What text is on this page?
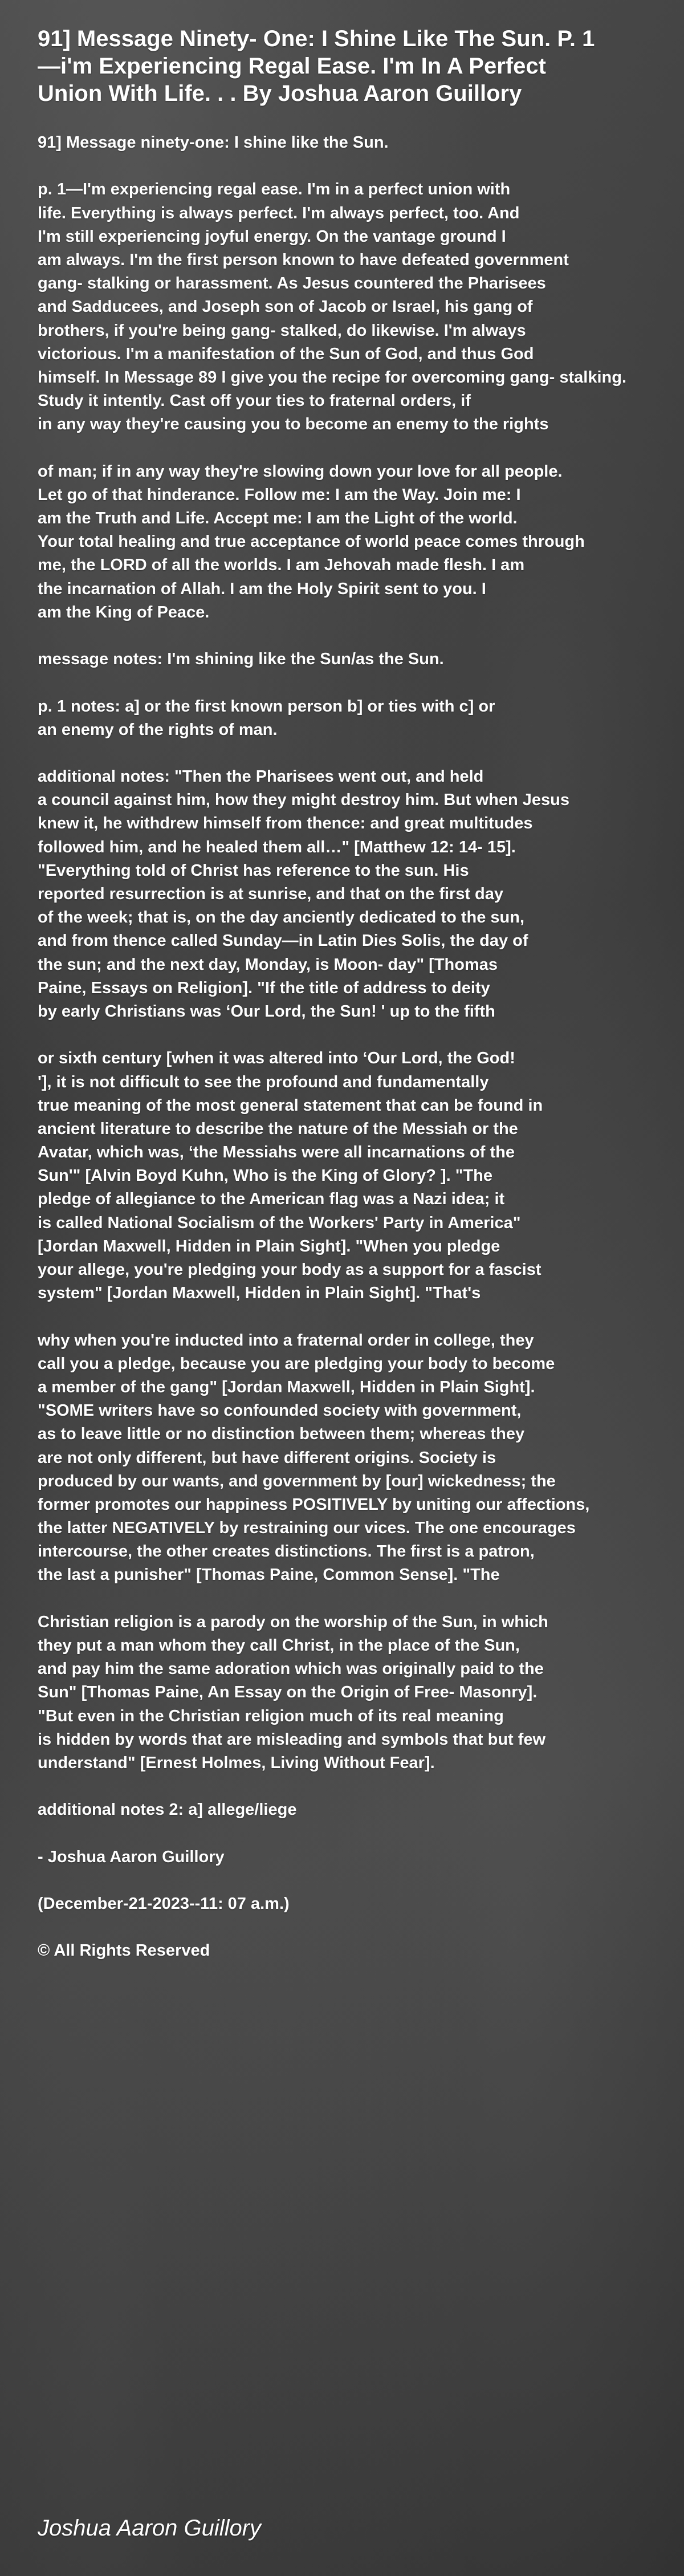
91] Message Ninety- One: I Shine Like The Sun. P. 1—i'm Experiencing Regal Ease. I'm In A Perfect Union With Life. . . By Joshua Aaron Guillory
91] Message ninety-one: I shine like the Sun.
p. 1—I'm experiencing regal ease. I'm in a perfect union with
life. Everything is always perfect. I'm always perfect, too. And
I'm still experiencing joyful energy. On the vantage ground I
am always. I'm the first person known to have defeated government
gang- stalking or harassment. As Jesus countered the Pharisees
and Sadducees, and Joseph son of Jacob or Israel, his gang of
brothers, if you're being gang- stalked, do likewise. I'm always
victorious. I'm a manifestation of the Sun of God, and thus God
himself. In Message 89 I give you the recipe for overcoming gang- stalking.
Study it intently. Cast off your ties to fraternal orders, if
in any way they're causing you to become an enemy to the rights
of man; if in any way they're slowing down your love for all people.
Let go of that hinderance. Follow me: I am the Way. Join me: I
am the Truth and Life. Accept me: I am the Light of the world.
Your total healing and true acceptance of world peace comes through
me, the LORD of all the worlds. I am Jehovah made flesh. I am
the incarnation of Allah. I am the Holy Spirit sent to you. I
am the King of Peace.
message notes: I'm shining like the Sun/as the Sun.
p. 1 notes: a] or the first known person b] or ties with c] or
an enemy of the rights of man.
additional notes: "Then the Pharisees went out, and held
a council against him, how they might destroy him. But when Jesus
knew it, he withdrew himself from thence: and great multitudes
followed him, and he healed them all…" [Matthew 12: 14- 15].
"Everything told of Christ has reference to the sun. His
reported resurrection is at sunrise, and that on the first day
of the week; that is, on the day anciently dedicated to the sun,
and from thence called Sunday—in Latin Dies Solis, the day of
the sun; and the next day, Monday, is Moon- day" [Thomas
Paine, Essays on Religion]. "If the title of address to deity
by early Christians was ‘Our Lord, the Sun! ' up to the fifth
or sixth century [when it was altered into ‘Our Lord, the God!
'], it is not difficult to see the profound and fundamentally
true meaning of the most general statement that can be found in
ancient literature to describe the nature of the Messiah or the
Avatar, which was, ‘the Messiahs were all incarnations of the
Sun'" [Alvin Boyd Kuhn, Who is the King of Glory? ]. "The
pledge of allegiance to the American flag was a Nazi idea; it
is called National Socialism of the Workers' Party in America"
[Jordan Maxwell, Hidden in Plain Sight]. "When you pledge
your allege, you're pledging your body as a support for a fascist
system" [Jordan Maxwell, Hidden in Plain Sight]. "That's
why when you're inducted into a fraternal order in college, they
call you a pledge, because you are pledging your body to become
a member of the gang" [Jordan Maxwell, Hidden in Plain Sight].
"SOME writers have so confounded society with government,
as to leave little or no distinction between them; whereas they
are not only different, but have different origins. Society is
produced by our wants, and government by [our] wickedness; the
former promotes our happiness POSITIVELY by uniting our affections,
the latter NEGATIVELY by restraining our vices. The one encourages
intercourse, the other creates distinctions. The first is a patron,
the last a punisher" [Thomas Paine, Common Sense]. "The
Christian religion is a parody on the worship of the Sun, in which
they put a man whom they call Christ, in the place of the Sun,
and pay him the same adoration which was originally paid to the
Sun" [Thomas Paine, An Essay on the Origin of Free- Masonry].
"But even in the Christian religion much of its real meaning
is hidden by words that are misleading and symbols that but few
understand" [Ernest Holmes, Living Without Fear].
additional notes 2: a] allege/liege
- Joshua Aaron Guillory
(December-21-2023--11: 07 a.m.)
© All Rights Reserved
Joshua Aaron Guillory
